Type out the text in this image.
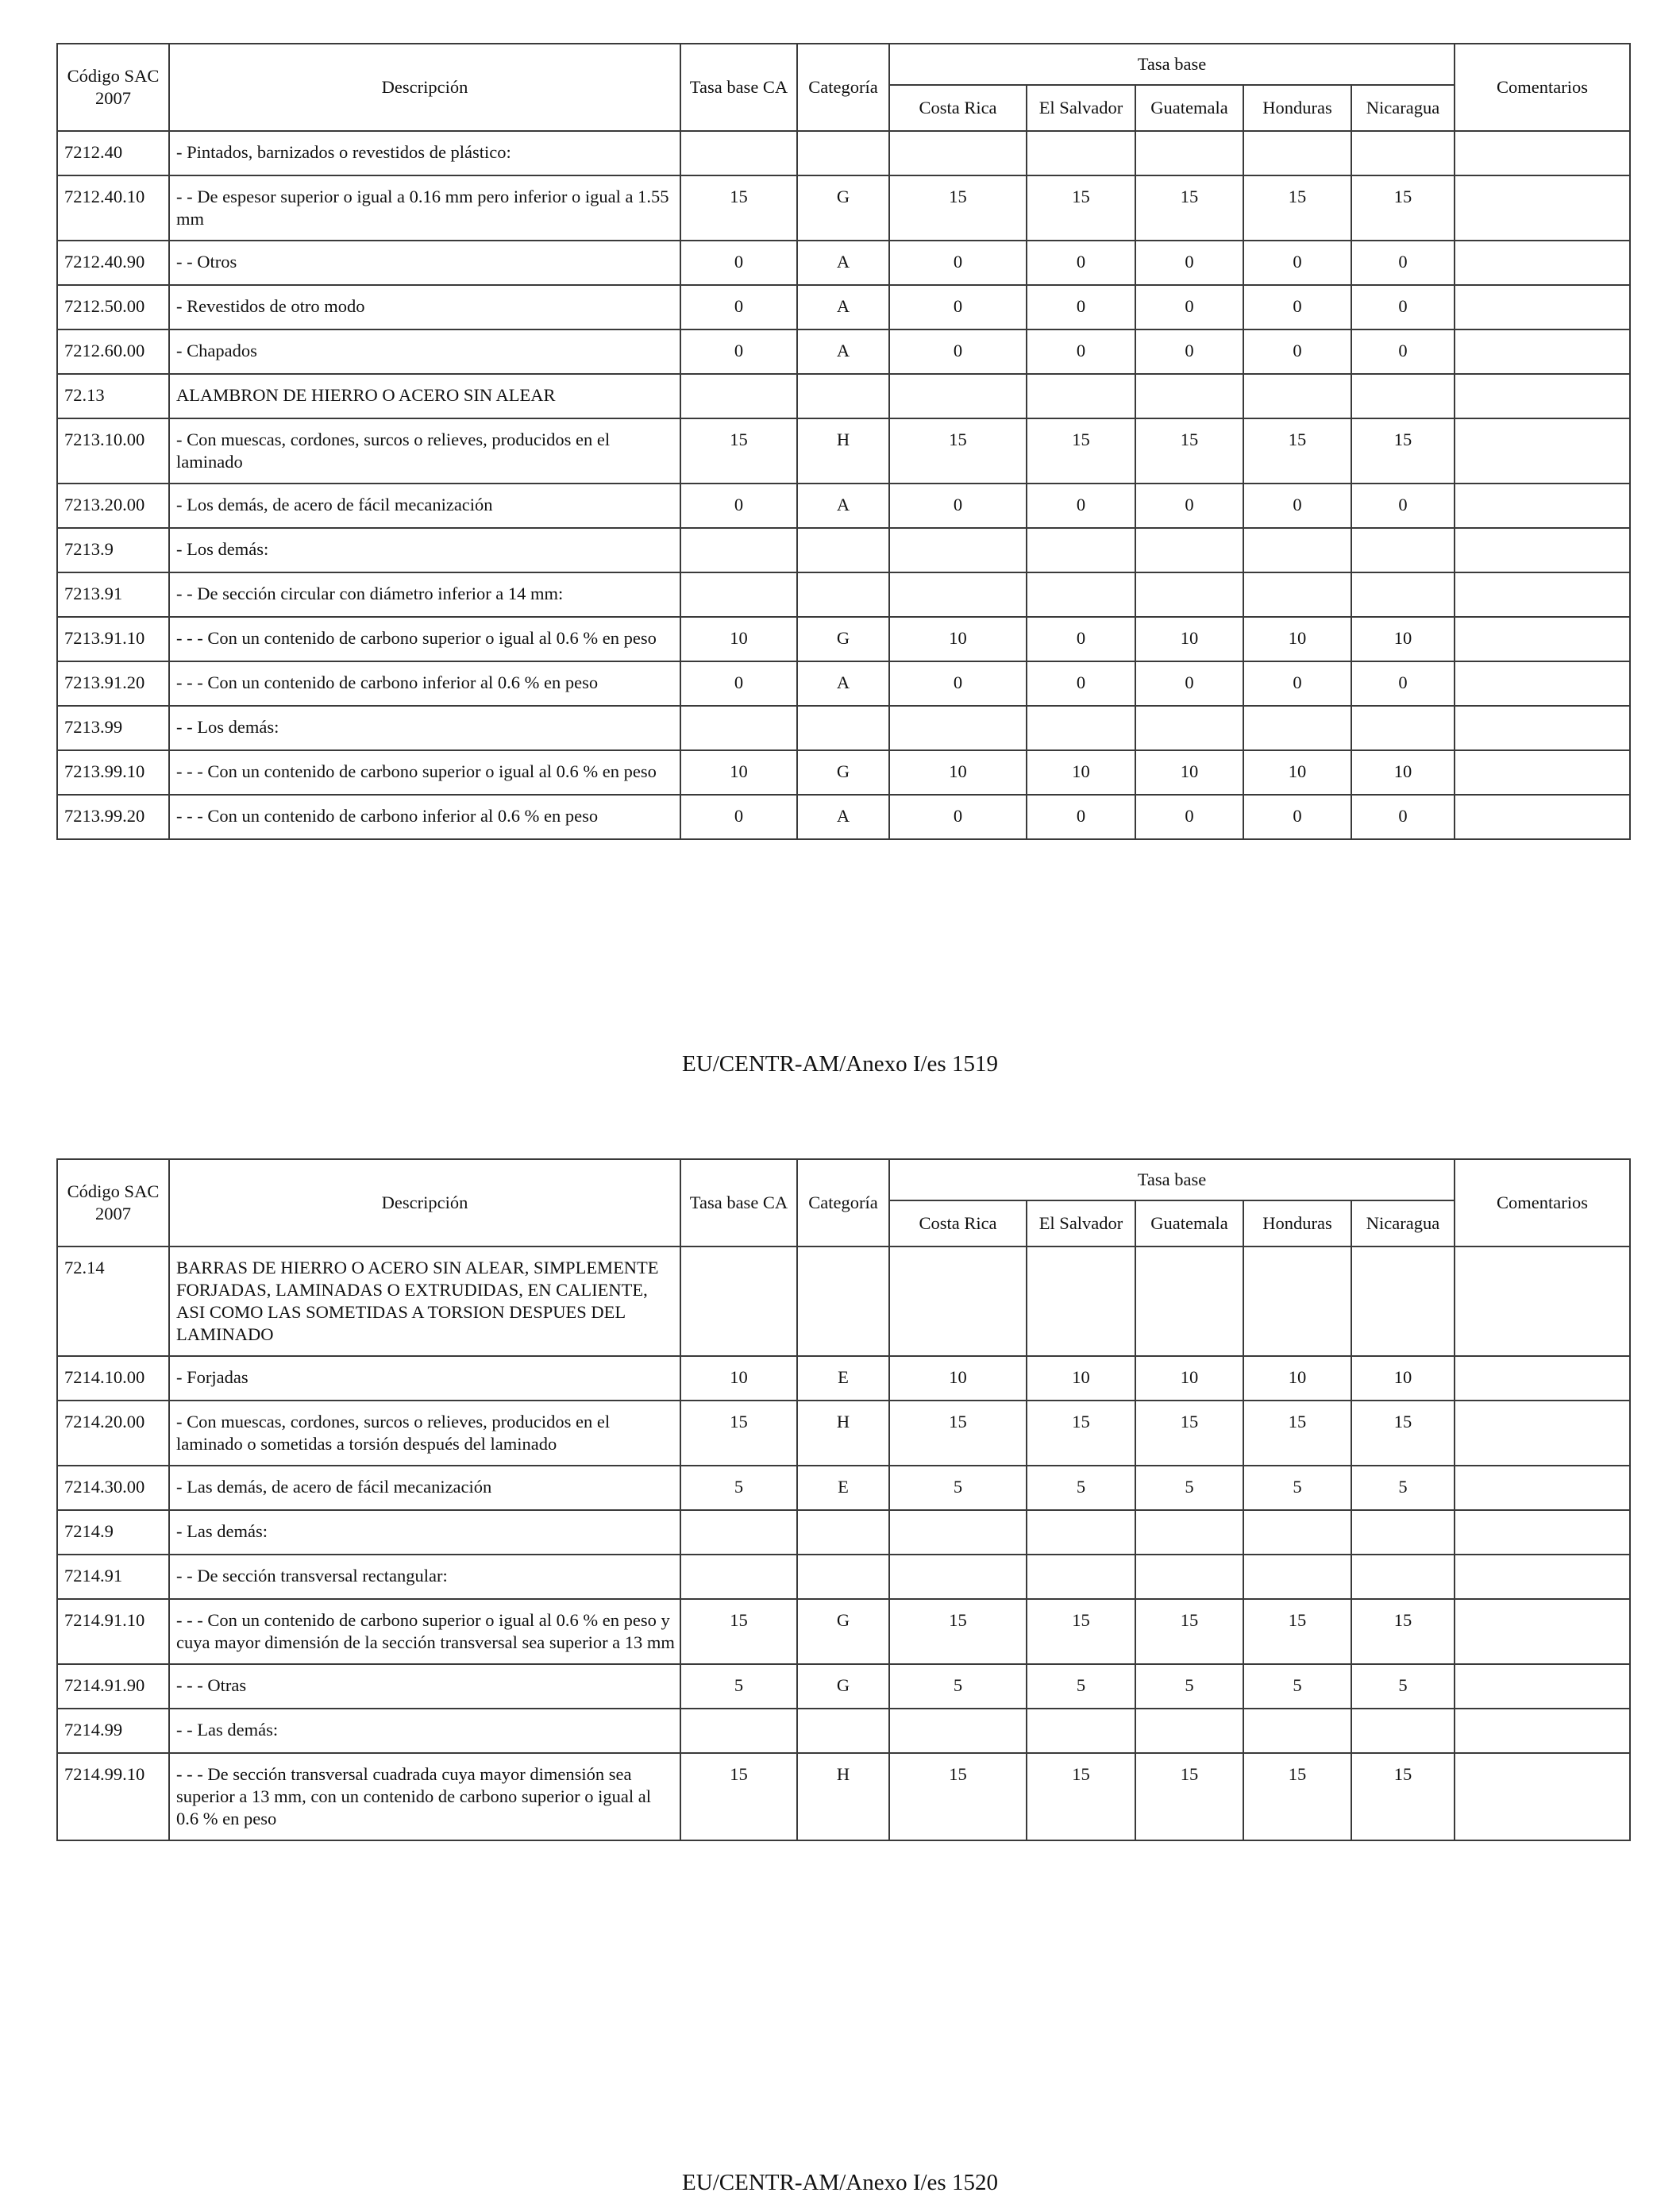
Código SAC 2007	Descripción	Tasa base CA	Categoría	Tasa base					Comentarios
				Costa Rica	El Salvador	Guatemala	Honduras	Nicaragua	
7212.40	- Pintados, barnizados o revestidos de plástico:								
7212.40.10	- - De espesor superior o igual a 0.16 mm pero inferior o igual a 1.55 mm	15	G	15	15	15	15	15	
7212.40.90	- - Otros	0	A	0	0	0	0	0	
7212.50.00	- Revestidos de otro modo	0	A	0	0	0	0	0	
7212.60.00	- Chapados	0	A	0	0	0	0	0	
72.13	ALAMBRON DE HIERRO O ACERO SIN ALEAR								
7213.10.00	- Con muescas, cordones, surcos o relieves, producidos en el laminado	15	H	15	15	15	15	15	
7213.20.00	- Los demás, de acero de fácil mecanización	0	A	0	0	0	0	0	
7213.9	- Los demás:								
7213.91	- - De sección circular con diámetro inferior a 14 mm:								
7213.91.10	- - - Con un contenido de carbono superior o igual al 0.6 % en peso	10	G	10	0	10	10	10	
7213.91.20	- - - Con un contenido de carbono inferior al 0.6 % en peso	0	A	0	0	0	0	0	
7213.99	- - Los demás:								
7213.99.10	- - - Con un contenido de carbono superior o igual al 0.6 % en peso	10	G	10	10	10	10	10	
7213.99.20	- - - Con un contenido de carbono inferior al 0.6 % en peso	0	A	0	0	0	0	0	
EU/CENTR-AM/Anexo I/es 1519
Código SAC 2007	Descripción	Tasa base CA	Categoría	Tasa base					Comentarios
				Costa Rica	El Salvador	Guatemala	Honduras	Nicaragua	
72.14	BARRAS DE HIERRO O ACERO SIN ALEAR, SIMPLEMENTE FORJADAS, LAMINADAS O EXTRUDIDAS, EN CALIENTE, ASI COMO LAS SOMETIDAS A TORSION DESPUES DEL LAMINADO								
7214.10.00	- Forjadas	10	E	10	10	10	10	10	
7214.20.00	- Con muescas, cordones, surcos o relieves, producidos en el laminado o sometidas a torsión después del laminado	15	H	15	15	15	15	15	
7214.30.00	- Las demás, de acero de fácil mecanización	5	E	5	5	5	5	5	
7214.9	- Las demás:								
7214.91	- - De sección transversal rectangular:								
7214.91.10	- - - Con un contenido de carbono superior o igual al 0.6 % en peso y cuya mayor dimensión de la sección transversal sea superior a 13 mm	15	G	15	15	15	15	15	
7214.91.90	- - - Otras	5	G	5	5	5	5	5	
7214.99	- - Las demás:								
7214.99.10	- - - De sección transversal cuadrada cuya mayor dimensión sea superior a 13 mm, con un contenido de carbono superior o igual al 0.6 % en peso	15	H	15	15	15	15	15	
EU/CENTR-AM/Anexo I/es 1520
